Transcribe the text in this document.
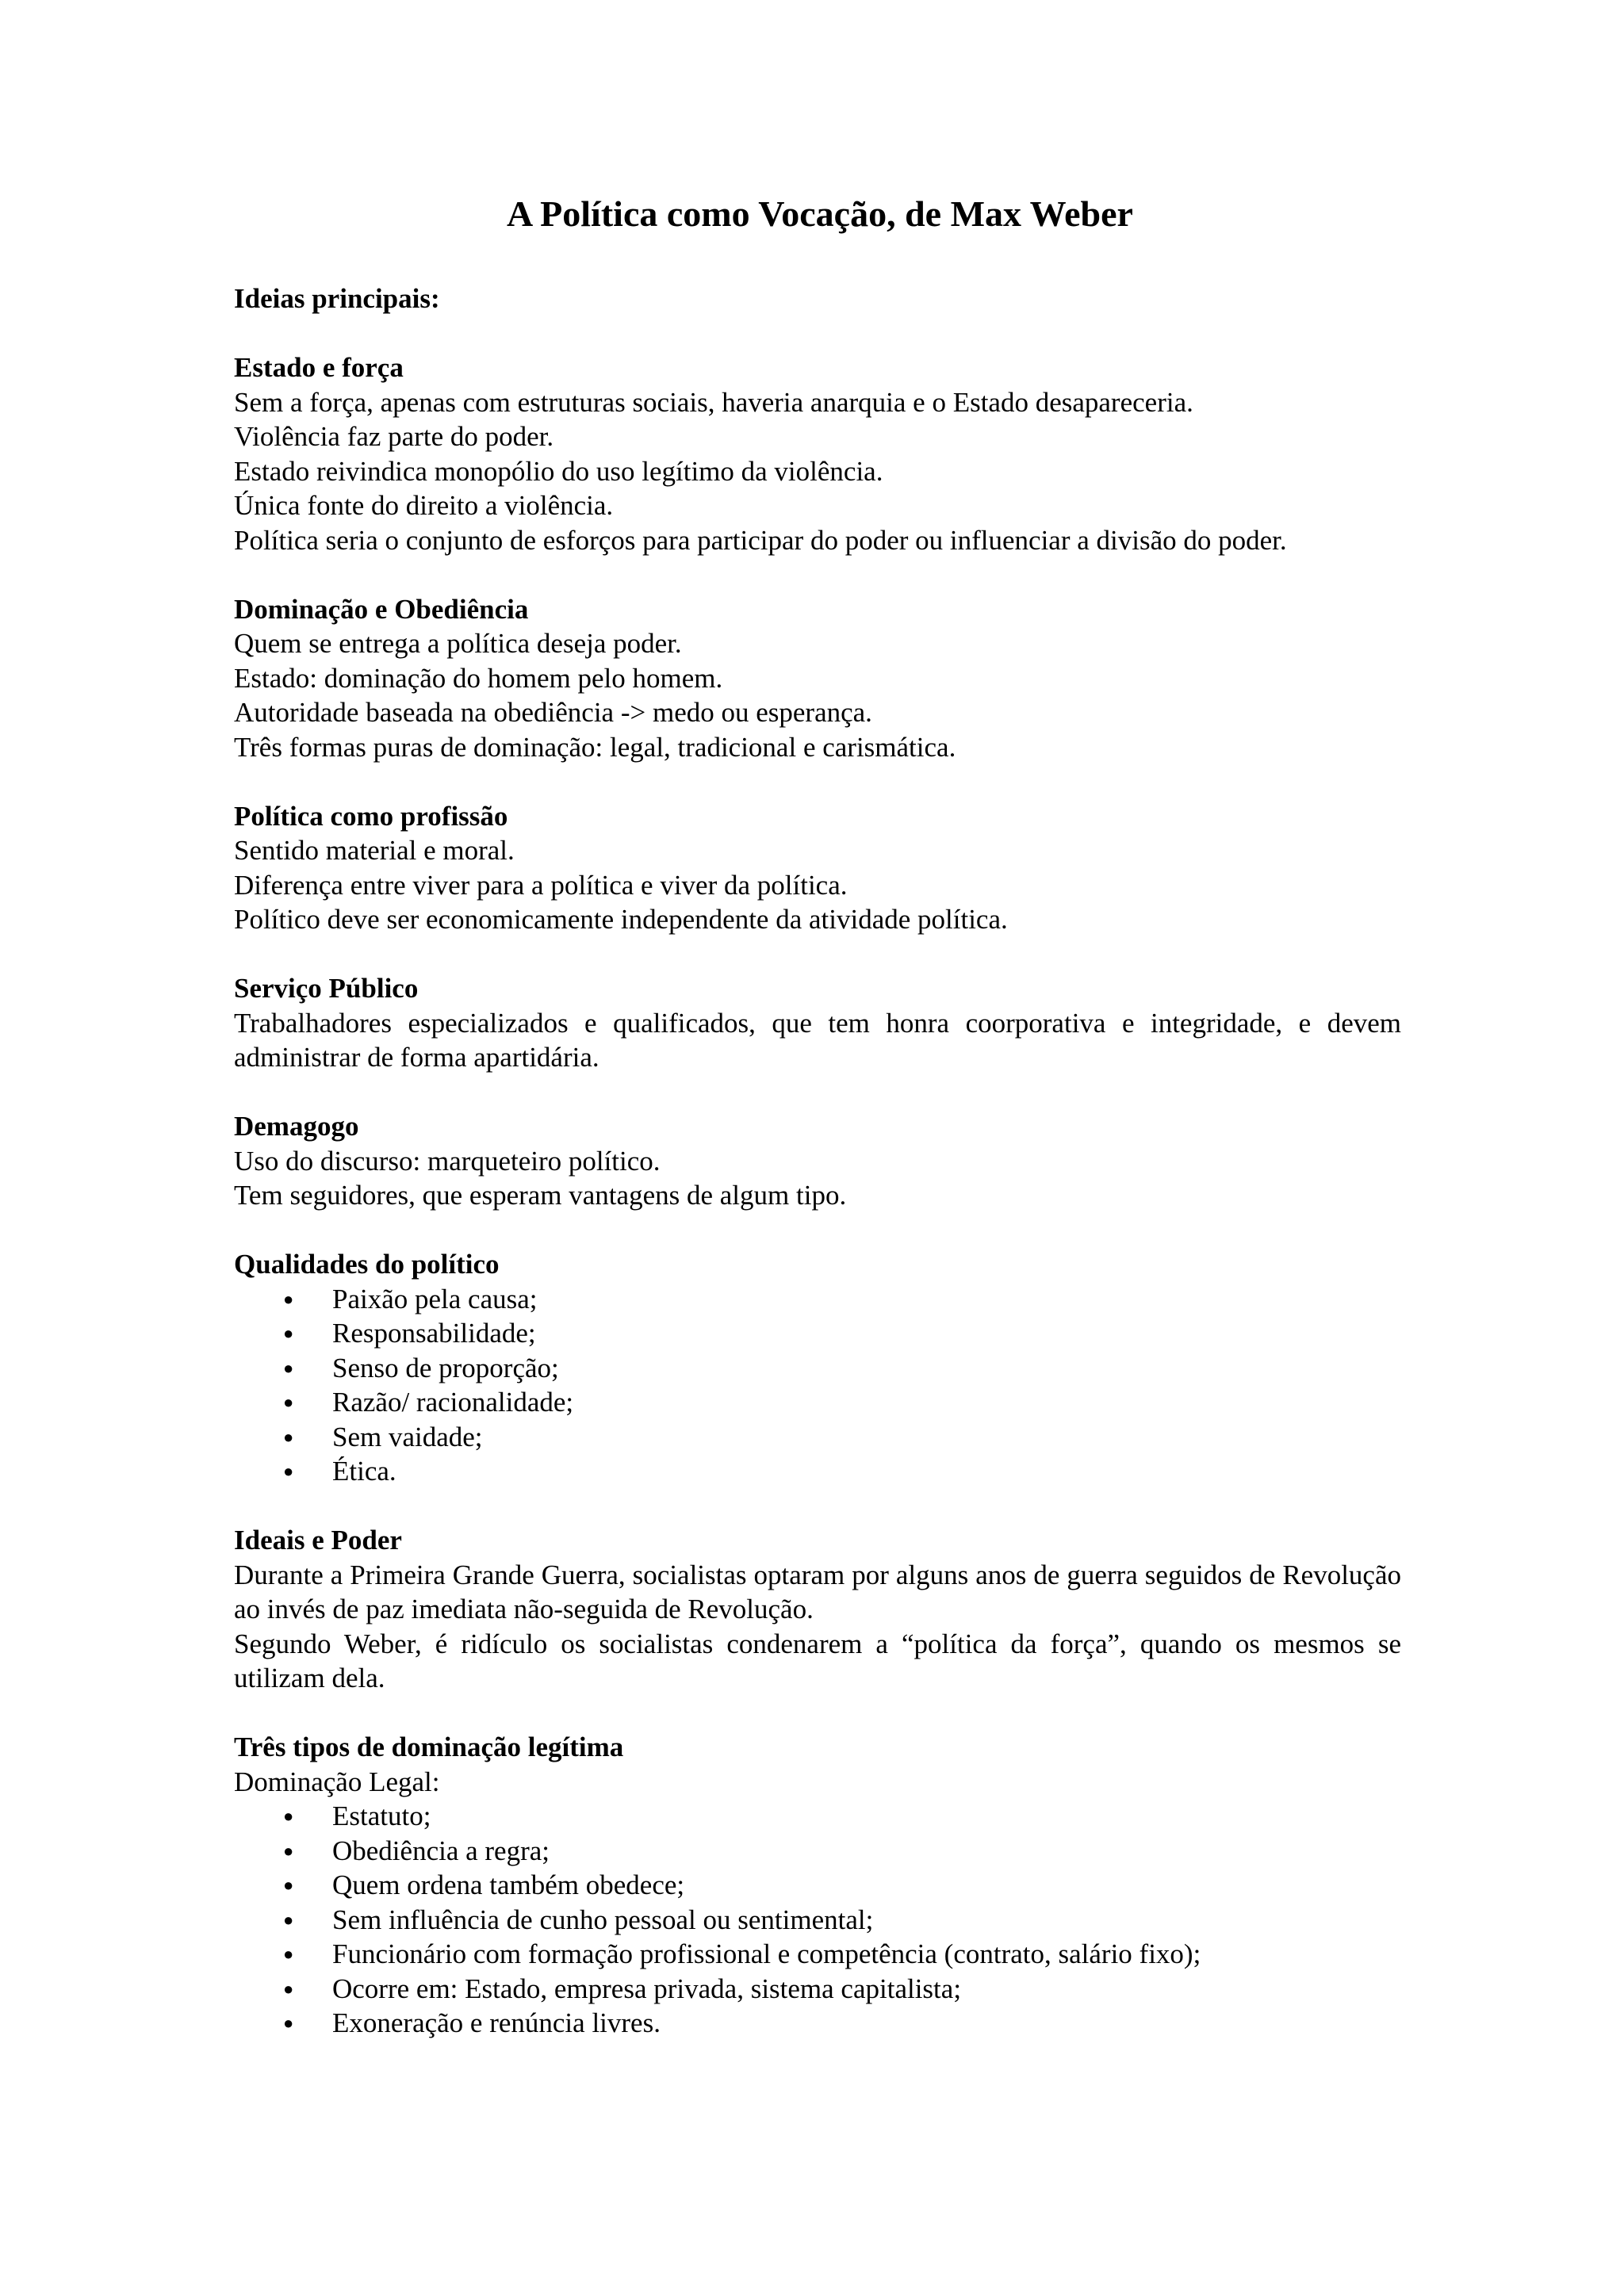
A Política como Vocação, de Max Weber

Ideias principais:

Estado e força

Sem a força, apenas com estruturas sociais, haveria anarquia e o Estado desapareceria.

Violência faz parte do poder.

Estado reivindica monopólio do uso legítimo da violência.

Única fonte do direito a violência.

Política seria o conjunto de esforços para participar do poder ou influenciar a divisão do poder.

Dominação e Obediência

Quem se entrega a política deseja poder.

Estado: dominação do homem pelo homem.

Autoridade baseada na obediência -> medo ou esperança.

Três formas puras de dominação: legal, tradicional e carismática.

Política como profissão

Sentido material e moral.

Diferença entre viver para a política e viver da política.

Político deve ser economicamente independente da atividade política.

Serviço Público

Trabalhadores especializados e qualificados, que tem honra coorporativa e integridade, e devem administrar de forma apartidária.

Demagogo

Uso do discurso: marqueteiro político.

Tem seguidores, que esperam vantagens de algum tipo.

Qualidades do político
● Paixão pela causa;
● Responsabilidade;
● Senso de proporção;
● Razão/ racionalidade;
● Sem vaidade;
● Ética.
Ideais e Poder

Durante a Primeira Grande Guerra, socialistas optaram por alguns anos de guerra seguidos de Revolução ao invés de paz imediata não-seguida de Revolução.

Segundo Weber, é ridículo os socialistas condenarem a “política da força”, quando os mesmos se utilizam dela.

Três tipos de dominação legítima

Dominação Legal:

● Estatuto;
● Obediência a regra;
● Quem ordena também obedece;
● Sem influência de cunho pessoal ou sentimental;
● Funcionário com formação profissional e competência (contrato, salário fixo);
● Ocorre em: Estado, empresa privada, sistema capitalista;
● Exoneração e renúncia livres.
